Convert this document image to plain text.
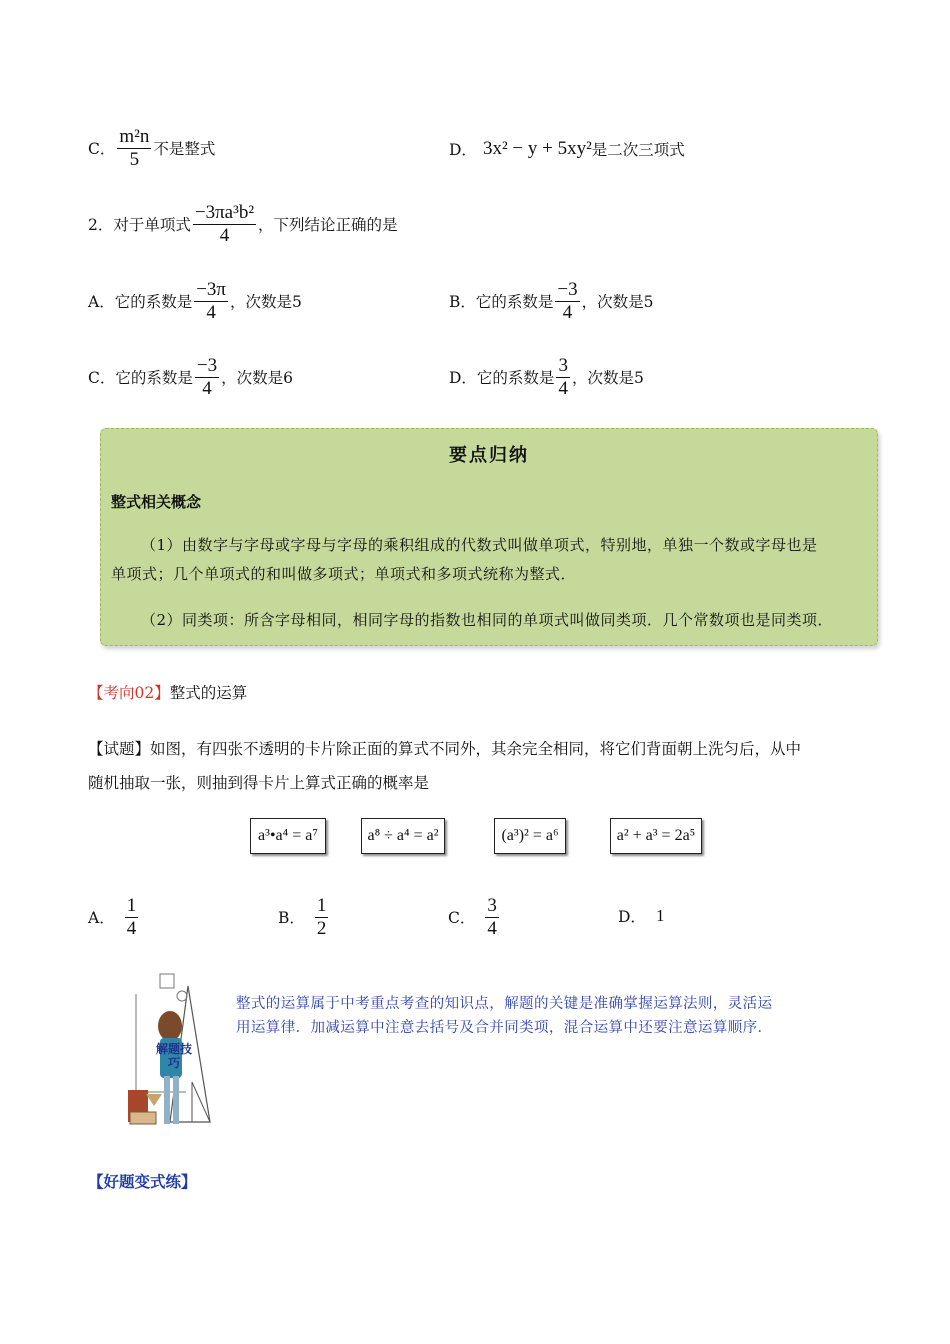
C． $\frac{\text{m²n}}{5}$ 不是整式	D． 3x² − y + 5xy² 是二次三项式
2．对于单项式 $\frac{\text{−3πa³b²}}{4}$ ，下列结论正确的是
A．它的系数是 $\frac{-3\pi}{4}$ ，次数是5	B．它的系数是 $\frac{-3}{4}$ ，次数是5
C．它的系数是 $\frac{-3}{4}$ ，次数是6	D．它的系数是 $\frac{3}{4}$ ，次数是5
要点归纳
整式相关概念
（1）由数字与字母或字母与字母的乘积组成的代数式叫做单项式，特别地，单独一个数或字母也是
单项式；几个单项式的和叫做多项式；单项式和多项式统称为整式．
（2）同类项：所含字母相同，相同字母的指数也相同的单项式叫做同类项．几个常数项也是同类项．
【考向02】 整式的运算
【试题】如图，有四张不透明的卡片除正面的算式不同外，其余完全相同，将它们背面朝上洗匀后，从中
随机抽取一张，则抽到得卡片上算式正确的概率是
a³•a⁴ = a⁷	a⁸ ÷ a⁴ = a²	(a³)² = a⁶	a² + a³ = 2a⁵
A． $\frac{1}{4}$	B． $\frac{1}{2}$	C． $\frac{3}{4}$	D． 1
解题技
巧
整式的运算属于中考重点考查的知识点，解题的关键是准确掌握运算法则，灵活运
用运算律．加减运算中注意去括号及合并同类项，混合运算中还要注意运算顺序．
【好题变式练】
